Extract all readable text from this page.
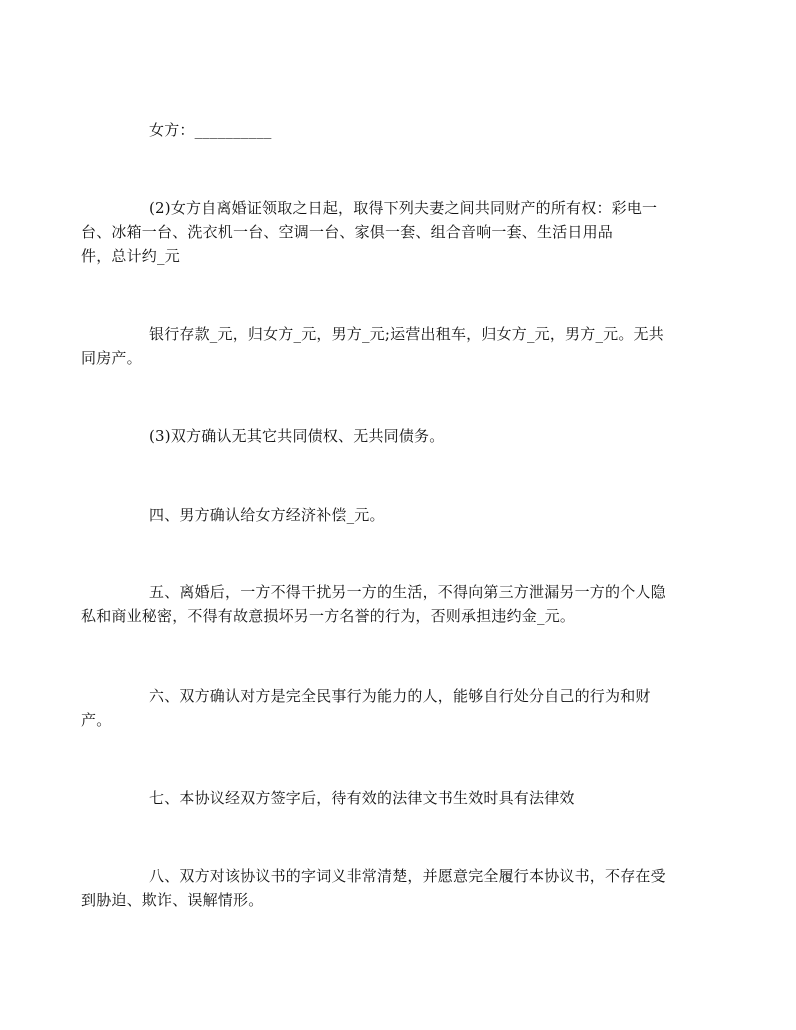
女方：__________

(2)女方自离婚证领取之日起，取得下列夫妻之间共同财产的所有权：彩电一
台、冰箱一台、洗衣机一台、空调一台、家俱一套、组合音响一套、生活日用品
件，总计约_元

银行存款_元，归女方_元，男方_元;运营出租车，归女方_元，男方_元。无共
同房产。

(3)双方确认无其它共同债权、无共同债务。

四、男方确认给女方经济补偿_元。

五、离婚后，一方不得干扰另一方的生活，不得向第三方泄漏另一方的个人隐
私和商业秘密，不得有故意损坏另一方名誉的行为，否则承担违约金_元。

六、双方确认对方是完全民事行为能力的人，能够自行处分自己的行为和财
产。

七、本协议经双方签字后，待有效的法律文书生效时具有法律效

八、双方对该协议书的字词义非常清楚，并愿意完全履行本协议书，不存在受
到胁迫、欺诈、误解情形。
